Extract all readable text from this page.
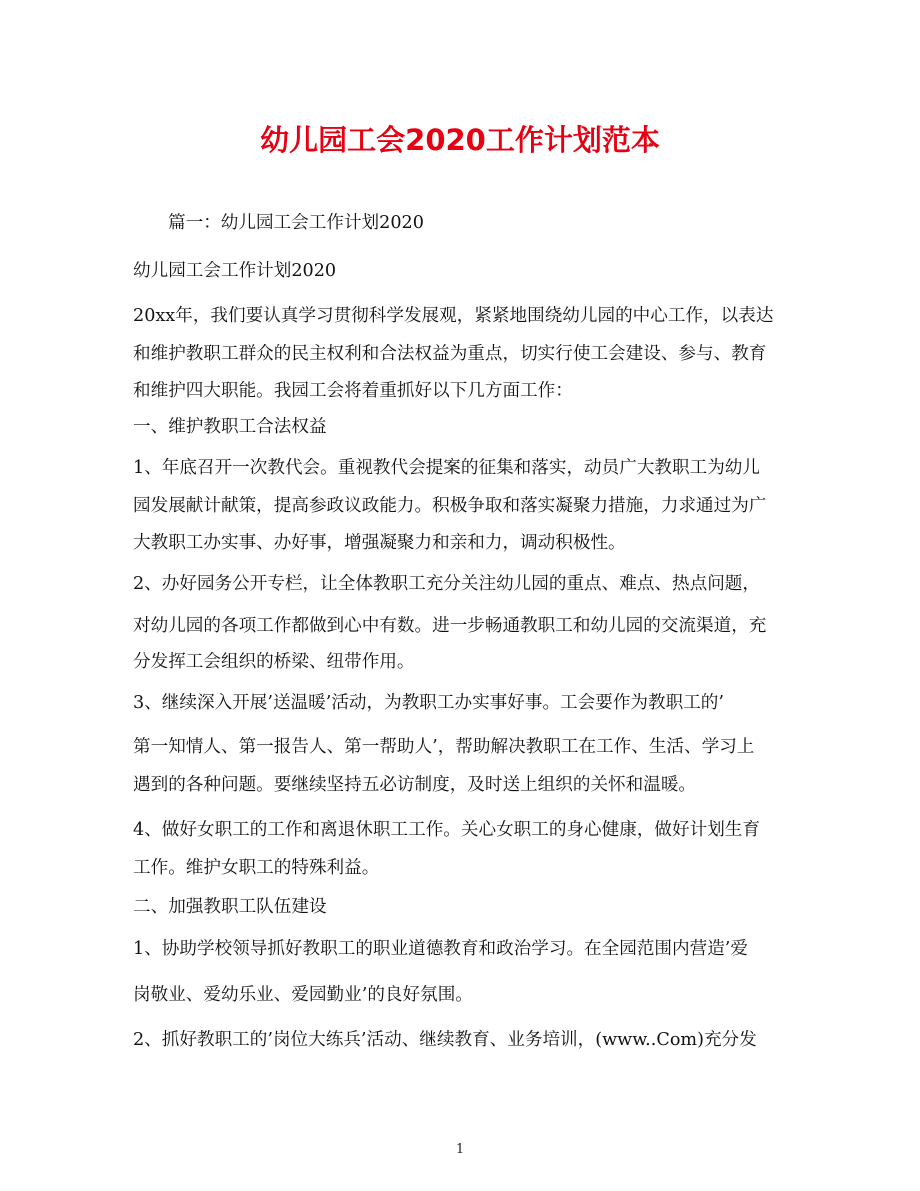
幼儿园工会2020工作计划范本
篇一：幼儿园工会工作计划2020
幼儿园工会工作计划2020
20xx年，我们要认真学习贯彻科学发展观，紧紧地围绕幼儿园的中心工作，以表达
和维护教职工群众的民主权利和合法权益为重点，切实行使工会建设、参与、教育
和维护四大职能。我园工会将着重抓好以下几方面工作：
一、维护教职工合法权益
1、年底召开一次教代会。重视教代会提案的征集和落实，动员广大教职工为幼儿
园发展献计献策，提高参政议政能力。积极争取和落实凝聚力措施，力求通过为广
大教职工办实事、办好事，增强凝聚力和亲和力，调动积极性。
2、办好园务公开专栏，让全体教职工充分关注幼儿园的重点、难点、热点问题，
对幼儿园的各项工作都做到心中有数。进一步畅通教职工和幼儿园的交流渠道，充
分发挥工会组织的桥梁、纽带作用。
3、继续深入开展’送温暖’活动，为教职工办实事好事。工会要作为教职工的’
第一知情人、第一报告人、第一帮助人’，帮助解决教职工在工作、生活、学习上
遇到的各种问题。要继续坚持五必访制度，及时送上组织的关怀和温暖。
4、做好女职工的工作和离退休职工工作。关心女职工的身心健康，做好计划生育
工作。维护女职工的特殊利益。
二、加强教职工队伍建设
1、协助学校领导抓好教职工的职业道德教育和政治学习。在全园范围内营造’爱
岗敬业、爱幼乐业、爱园勤业’的良好氛围。
2、抓好教职工的’岗位大练兵’活动、继续教育、业务培训，(www..Com)充分发
1
